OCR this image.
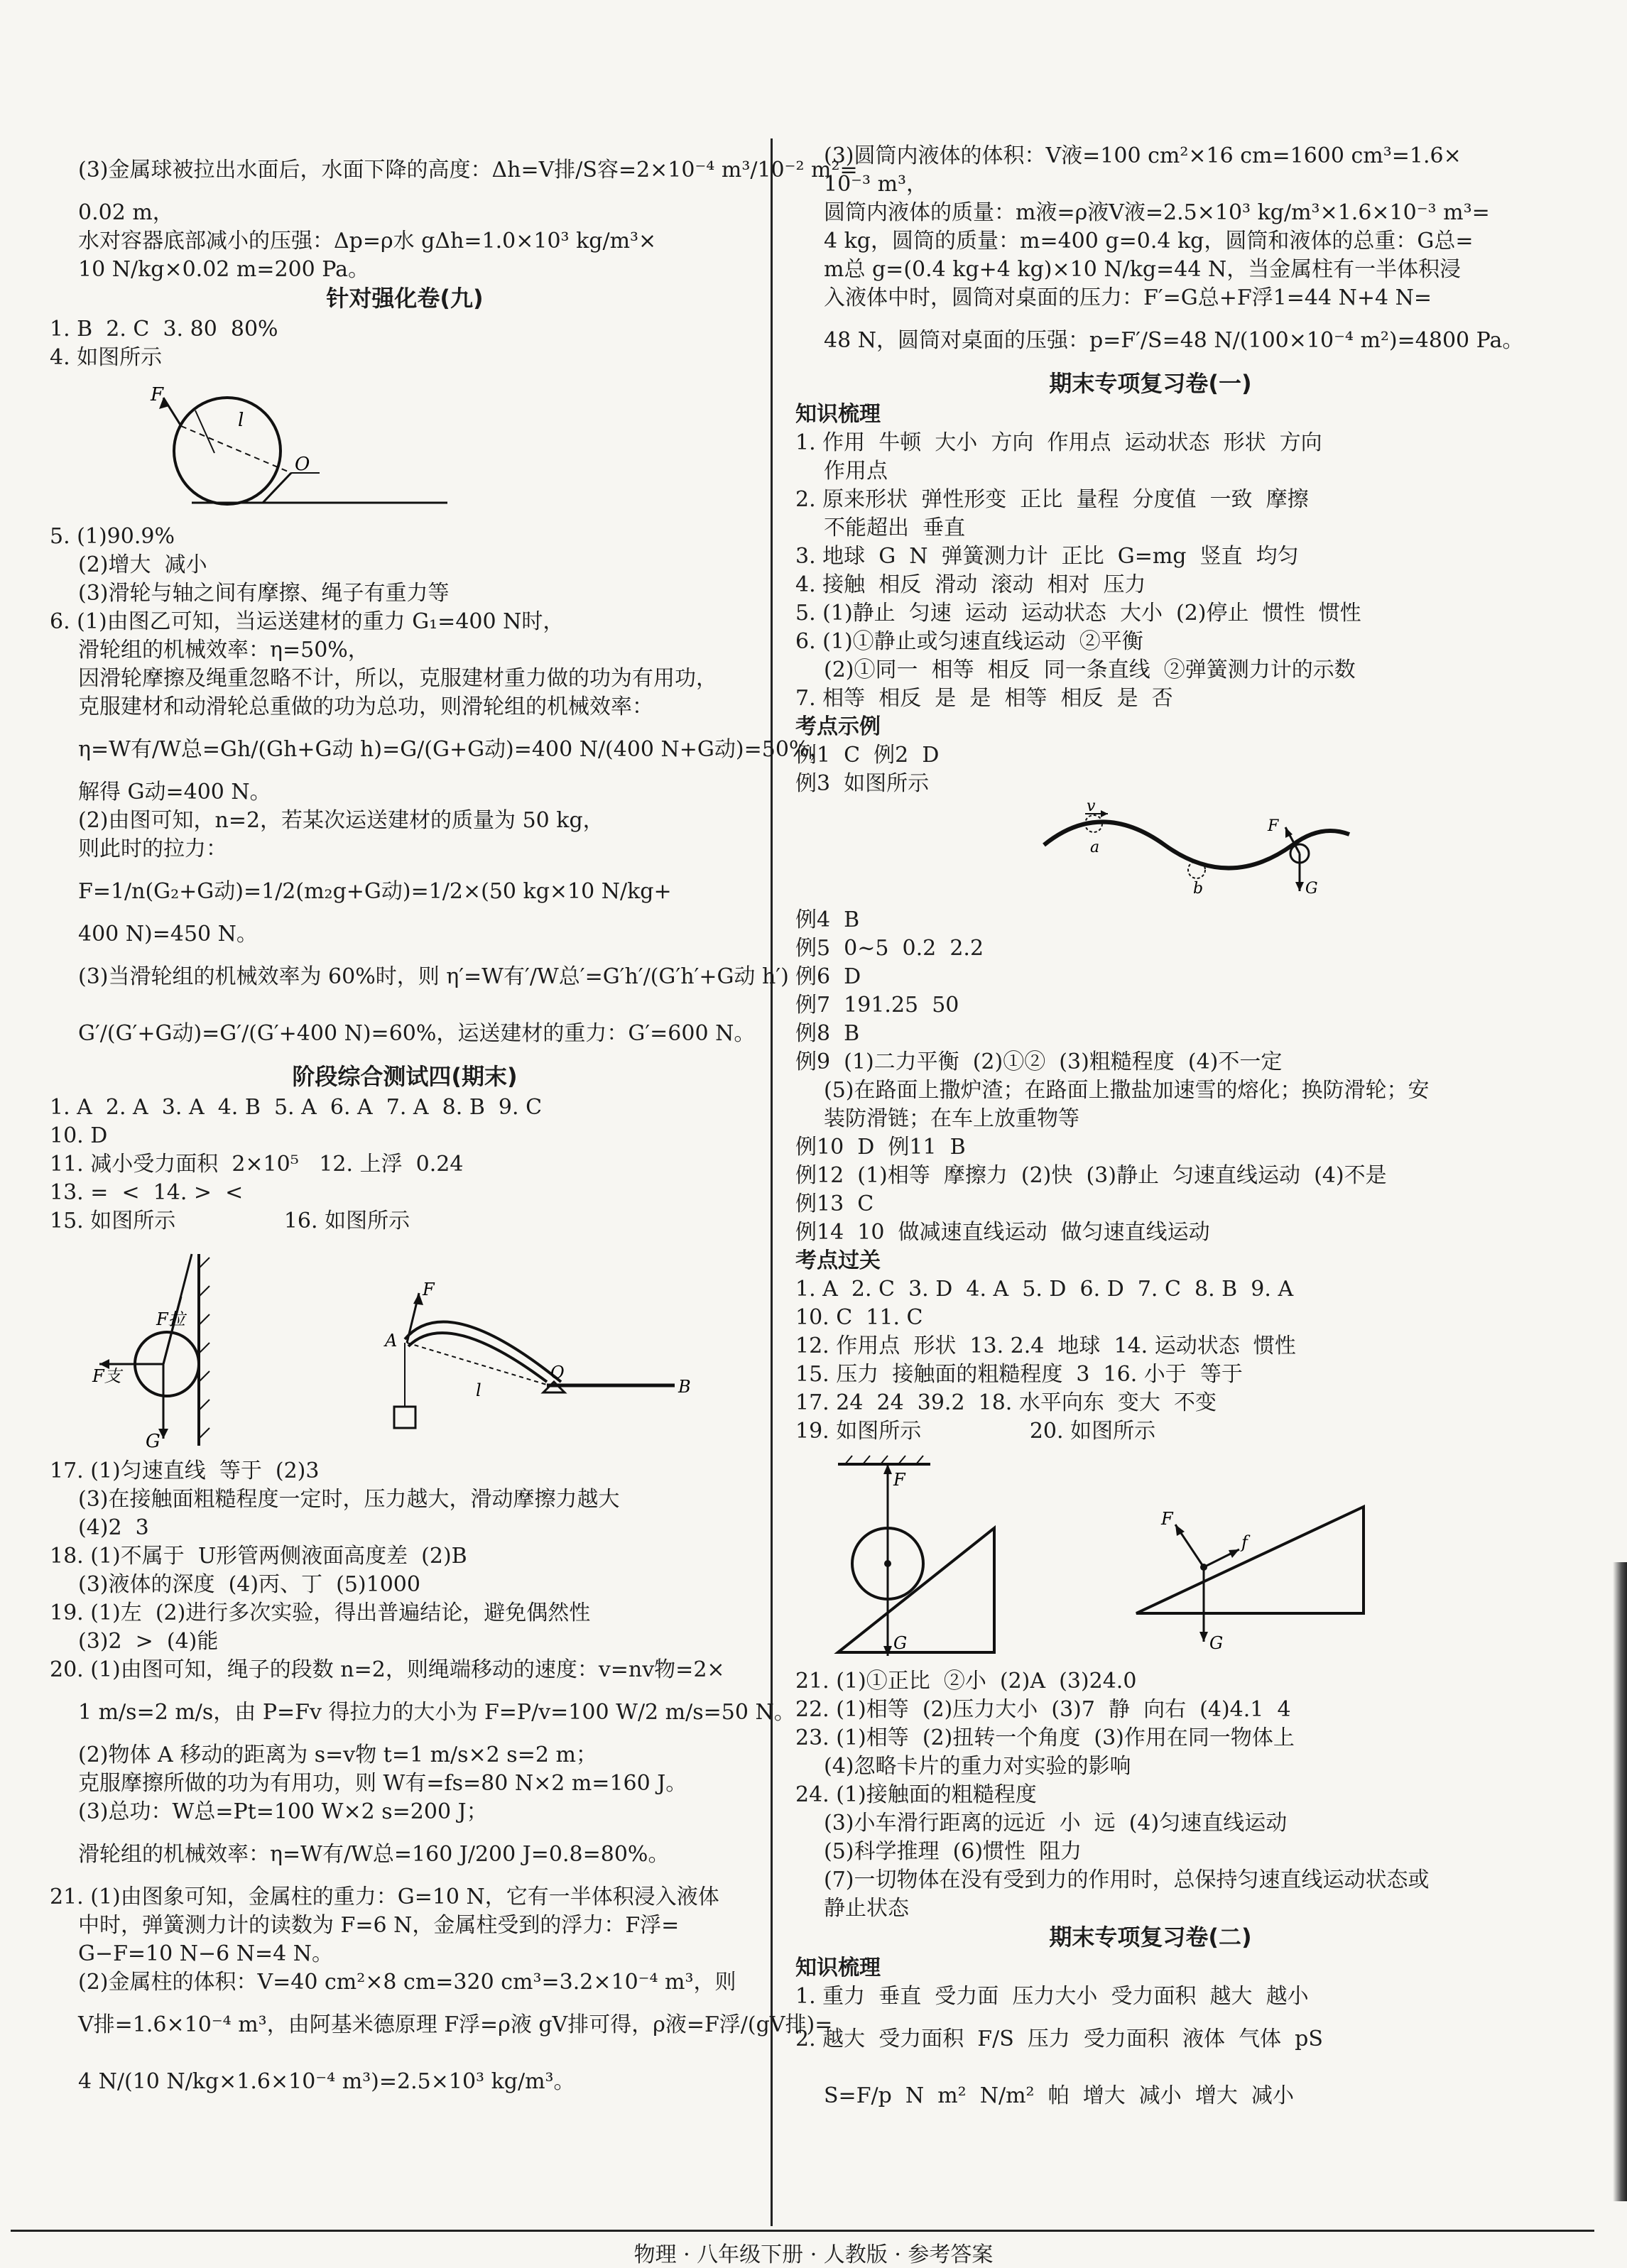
(3)金属球被拉出水面后，水面下降的高度：Δh=V排/S容=2×10⁻⁴ m³/10⁻² m²=
0.02 m，
水对容器底部减小的压强：Δp=ρ水 gΔh=1.0×10³ kg/m³×
10 N/kg×0.02 m=200 Pa。
针对强化卷(九)
1. B  2. C  3. 80  80%
4. 如图所示
F
l
O
5. (1)90.9%
(2)增大  减小
(3)滑轮与轴之间有摩擦、绳子有重力等
6. (1)由图乙可知，当运送建材的重力 G₁=400 N时，
滑轮组的机械效率：η=50%，
因滑轮摩擦及绳重忽略不计，所以，克服建材重力做的功为有用功，
克服建材和动滑轮总重做的功为总功，则滑轮组的机械效率：
η=W有/W总=Gh/(Gh+G动 h)=G/(G+G动)=400 N/(400 N+G动)=50%，
解得 G动=400 N。
(2)由图可知，n=2，若某次运送建材的质量为 50 kg，
则此时的拉力：
F=1/n(G₂+G动)=1/2(m₂g+G动)=1/2×(50 kg×10 N/kg+
400 N)=450 N。
(3)当滑轮组的机械效率为 60%时，则 η′=W有′/W总′=G′h′/(G′h′+G动 h′)
G′/(G′+G动)=G′/(G′+400 N)=60%，运送建材的重力：G′=600 N。
阶段综合测试四(期末)
1. A  2. A  3. A  4. B  5. A  6. A  7. A  8. B  9. C
10. D
11. 减小受力面积  2×10⁵   12. 上浮  0.24
13. =  <  14. >  <
15. 如图所示                16. 如图所示
F拉
F支
G
F
A
l
O
B
17. (1)匀速直线  等于  (2)3
(3)在接触面粗糙程度一定时，压力越大，滑动摩擦力越大
(4)2  3
18. (1)不属于  U形管两侧液面高度差  (2)B
(3)液体的深度  (4)丙、丁  (5)1000
19. (1)左  (2)进行多次实验，得出普遍结论，避免偶然性
(3)2  >  (4)能
20. (1)由图可知，绳子的段数 n=2，则绳端移动的速度：v=nv物=2×
1 m/s=2 m/s，由 P=Fv 得拉力的大小为 F=P/v=100 W/2 m/s=50 N。
(2)物体 A 移动的距离为 s=v物 t=1 m/s×2 s=2 m；
克服摩擦所做的功为有用功，则 W有=fs=80 N×2 m=160 J。
(3)总功：W总=Pt=100 W×2 s=200 J；
滑轮组的机械效率：η=W有/W总=160 J/200 J=0.8=80%。
21. (1)由图象可知，金属柱的重力：G=10 N，它有一半体积浸入液体
中时，弹簧测力计的读数为 F=6 N，金属柱受到的浮力：F浮=
G−F=10 N−6 N=4 N。
(2)金属柱的体积：V=40 cm²×8 cm=320 cm³=3.2×10⁻⁴ m³，则
V排=1.6×10⁻⁴ m³，由阿基米德原理 F浮=ρ液 gV排可得，ρ液=F浮/(gV排)=
4 N/(10 N/kg×1.6×10⁻⁴ m³)=2.5×10³ kg/m³。
(3)圆筒内液体的体积：V液=100 cm²×16 cm=1600 cm³=1.6×
10⁻³ m³，
圆筒内液体的质量：m液=ρ液V液=2.5×10³ kg/m³×1.6×10⁻³ m³=
4 kg，圆筒的质量：m=400 g=0.4 kg，圆筒和液体的总重：G总=
m总 g=(0.4 kg+4 kg)×10 N/kg=44 N，当金属柱有一半体积浸
入液体中时，圆筒对桌面的压力：F′=G总+F浮1=44 N+4 N=
48 N，圆筒对桌面的压强：p=F′/S=48 N/(100×10⁻⁴ m²)=4800 Pa。
期末专项复习卷(一)
知识梳理
1. 作用  牛顿  大小  方向  作用点  运动状态  形状  方向
作用点
2. 原来形状  弹性形变  正比  量程  分度值  一致  摩擦
不能超出  垂直
3. 地球  G  N  弹簧测力计  正比  G=mg  竖直  均匀
4. 接触  相反  滑动  滚动  相对  压力
5. (1)静止  匀速  运动  运动状态  大小  (2)停止  惯性  惯性
6. (1)①静止或匀速直线运动  ②平衡
(2)①同一  相等  相反  同一条直线  ②弹簧测力计的示数
7. 相等  相反  是  是  相等  相反  是  否
考点示例
例1  C  例2  D
例3  如图所示
v
a
F
b	G
例4  B
例5  0~5  0.2  2.2
例6  D
例7  191.25  50
例8  B
例9  (1)二力平衡  (2)①②  (3)粗糙程度  (4)不一定
(5)在路面上撒炉渣；在路面上撒盐加速雪的熔化；换防滑轮；安
装防滑链；在车上放重物等
例10  D  例11  B
例12  (1)相等  摩擦力  (2)快  (3)静止  匀速直线运动  (4)不是
例13  C
例14  10  做减速直线运动  做匀速直线运动
考点过关
1. A  2. C  3. D  4. A  5. D  6. D  7. C  8. B  9. A
10. C  11. C
12. 作用点  形状  13. 2.4  地球  14. 运动状态  惯性
15. 压力  接触面的粗糙程度  3  16. 小于  等于
17. 24  24  39.2  18. 水平向东  变大  不变
19. 如图所示                20. 如图所示
F
G
F
f
G
21. (1)①正比  ②小  (2)A  (3)24.0
22. (1)相等  (2)压力大小  (3)7  静  向右  (4)4.1  4
23. (1)相等  (2)扭转一个角度  (3)作用在同一物体上
(4)忽略卡片的重力对实验的影响
24. (1)接触面的粗糙程度
(3)小车滑行距离的远近  小  远  (4)匀速直线运动
(5)科学推理  (6)惯性  阻力
(7)一切物体在没有受到力的作用时，总保持匀速直线运动状态或
静止状态
期末专项复习卷(二)
知识梳理
1. 重力  垂直  受力面  压力大小  受力面积  越大  越小
2. 越大  受力面积  F/S  压力  受力面积  液体  气体  pS
S=F/p  N  m²  N/m²  帕  增大  减小  增大  减小
物理 · 八年级下册 · 人教版 · 参考答案
